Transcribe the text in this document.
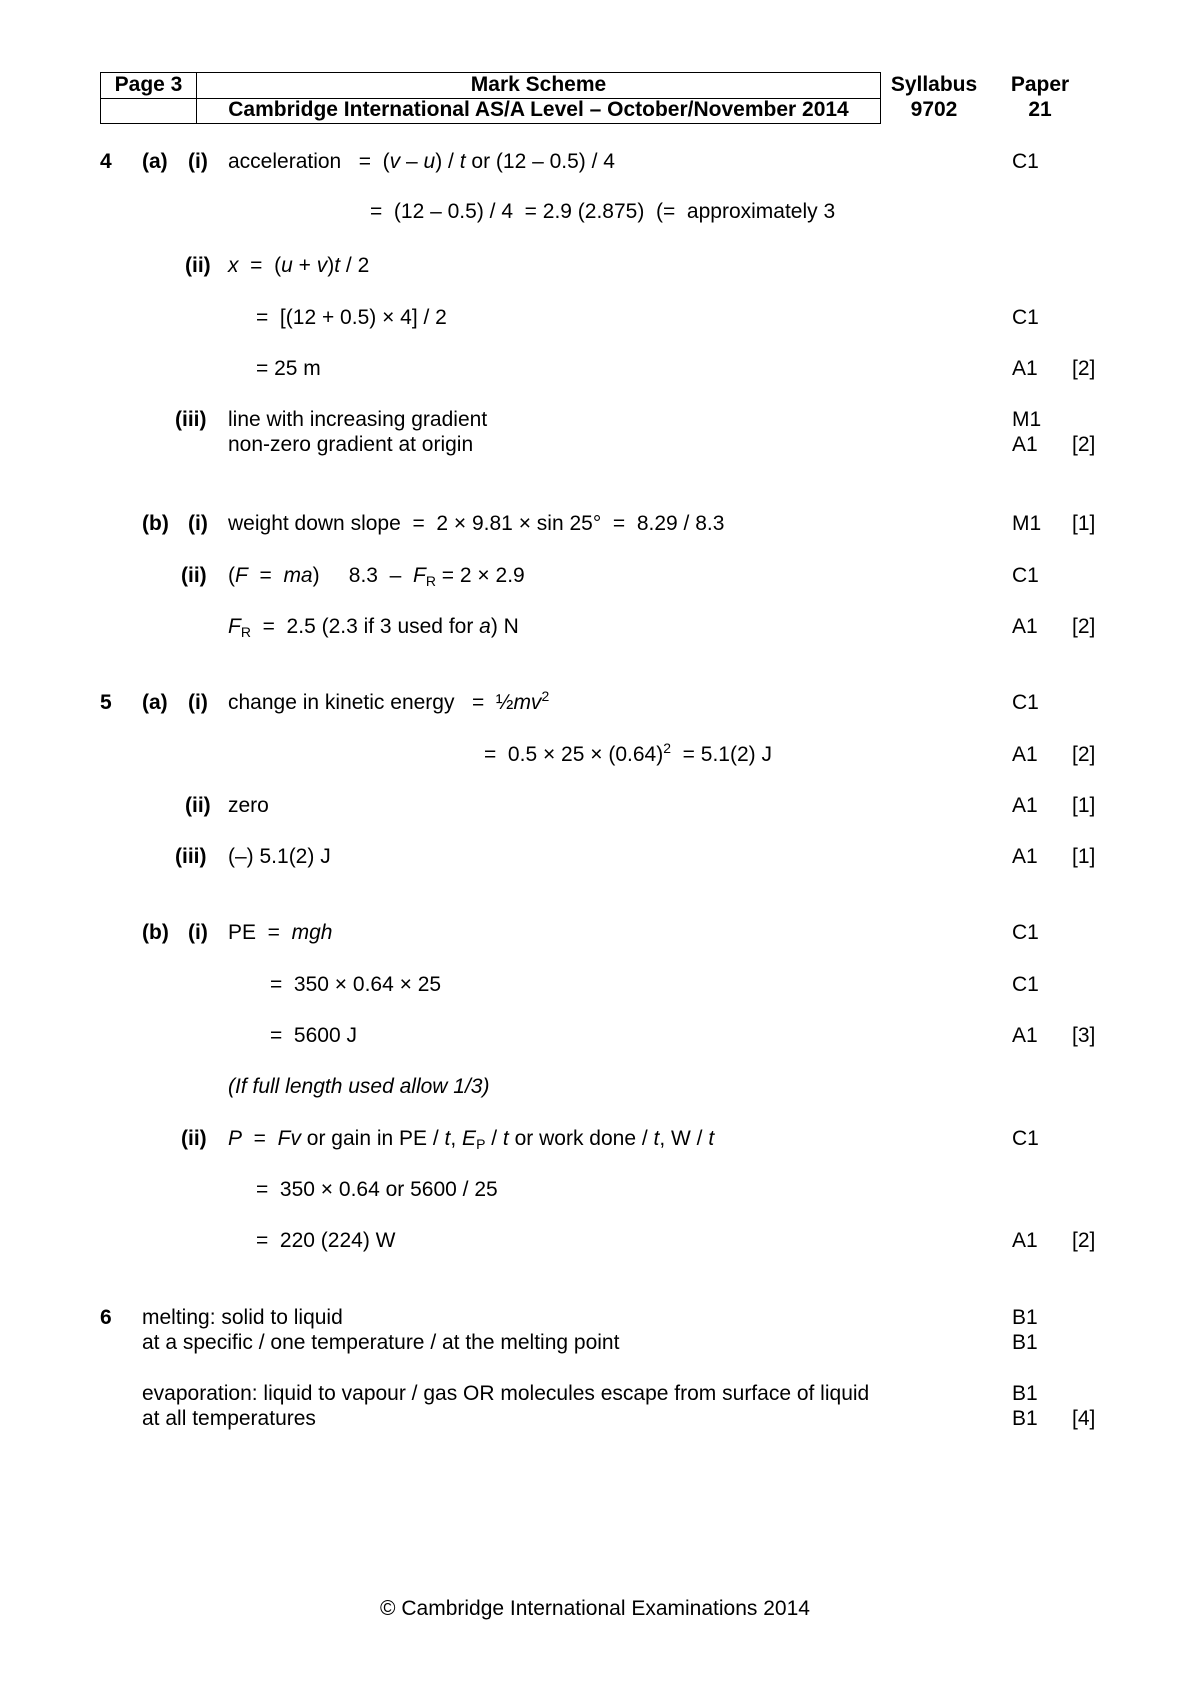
Page 3	Mark Scheme
Cambridge International AS/A Level – October/November 2014
Syllabus
9702
Paper
21
4 (a) (i) acceleration   =  (v – u) / t or (12 – 0.5) / 4
=  (12 – 0.5) / 4  = 2.9 (2.875)  (=  approximately 3
(ii) x  =  (u + v)t / 2
=  [(12 + 0.5) × 4] / 2
= 25 m
(iii) line with increasing gradient
non-zero gradient at origin
(b) (i) weight down slope  =  2 × 9.81 × sin 25°  =  8.29 / 8.3
(ii) (F  =  ma)     $8.3 - F_R = 2 \times 2.9$
$F_R = 2.5$ (2.3 if 3 used for a) N
5 (a) (i) change in kinetic energy   =  $\frac{1}{2}mv^2$
=  $0.5 \times 25 \times (0.64)^2 = 5.1(2)$ J
(ii) zero
(iii) (–) 5.1(2) J
(b) (i) PE  =  mgh
=  350 × 0.64 × 25
=  5600 J
(If full length used allow 1/3)
(ii) P  =  Fv or gain in PE / t, $E_P$ / t or work done / t, W / t
=  350 × 0.64 or 5600 / 25
=  220 (224) W
6 melting: solid to liquid
at a specific / one temperature / at the melting point
evaporation: liquid to vapour / gas OR molecules escape from surface of liquid
at all temperatures
C1
C1
A1
M1
A1
M1
C1
A1
C1
A1
A1
A1
C1
C1
A1
C1
A1
B1
B1
B1
B1
[2]
[2]
[1]
[2]
[2]
[1]
[1]
[3]
[2]
[4]
© Cambridge International Examinations 2014
